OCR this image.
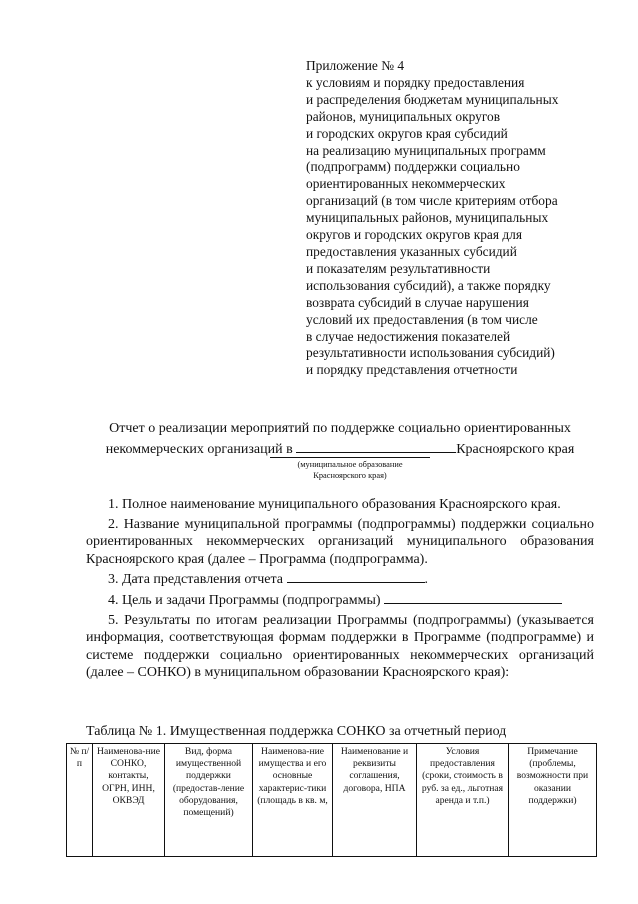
Приложение № 4
к условиям и порядку предоставления
и распределения бюджетам муниципальных
районов, муниципальных округов
и городских округов края субсидий
на реализацию муниципальных программ
(подпрограмм) поддержки социально
ориентированных некоммерческих
организаций (в том числе критериям отбора
муниципальных районов, муниципальных
округов и городских округов края для
предоставления указанных субсидий
и показателям результативности
использования субсидий), а также порядку
возврата субсидий в случае нарушения
условий их предоставления (в том числе
в случае недостижения показателей
результативности использования субсидий)
и порядку представления отчетности
Отчет о реализации мероприятий по поддержке социально ориентированных
некоммерческих организаций в	Красноярского края
(муниципальное образование
Красноярского края)

1. Полное наименование муниципального образования Красноярского края.

2. Название муниципальной программы (подпрограммы) поддержки социально ориентированных некоммерческих организаций муниципального образования Красноярского края (далее – Программа (подпрограмма).

3. Дата представления отчета	.

4. Цель и задачи Программы (подпрограммы)

5. Результаты по итогам реализации Программы (подпрограммы) (указывается информация, соответствующая формам поддержки в Программе (подпрограмме) и системе поддержки социально ориентированных некоммерческих организаций (далее – СОНКО) в муниципальном образовании Красноярского края):

Таблица № 1. Имущественная поддержка СОНКО за отчетный период
№ п/п	Наименова-ние СОНКО, контакты, ОГРН, ИНН, ОКВЭД	Вид, форма имущественной поддержки (предостав-ление оборудования, помещений)	Наименова-ние имущества и его основные характерис-тики (площадь в кв. м,	Наименование и реквизиты соглашения, договора, НПА	Условия предоставления (сроки, стоимость в руб. за ед., льготная аренда и т.п.)	Примечание (проблемы, возможности при оказании поддержки)
